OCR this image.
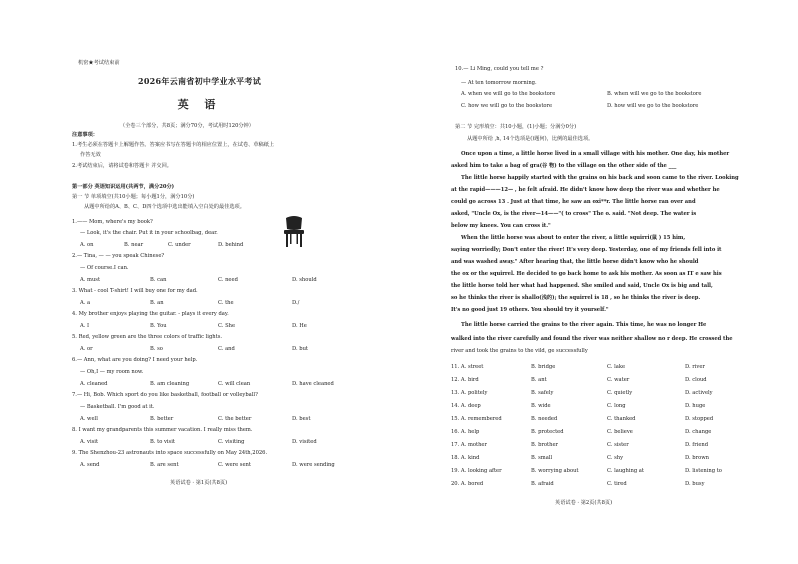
机密★考试结束前
2026年云南省初中学业水平考试
英 语
（全卷三个部分，共8页；满分70分，考试用时120分钟）
注意事项：
1.考生必须在答题卡上解题作答。答案应书写在答题卡的相应位置上，在试卷、草稿纸上
作答无效
2.考试结束后，请将试卷和答题卡 并交回。
第一部分 英语知识运用(共两节，满分20分)
第一 节 单项填空(共10小题；每小题1分，满分10分)
从题中所给的A、B、C、D四个选项中选出能填入空白处的最佳选项。
1.—— Mom, where's my book?
— Look, it's the chair. Put it in your schoolbag, dear.
A. on	B. near	C. under	D. behind
2.— Tina, — — you speak Chinese?
— Of course.I can.
A. must	B. can	C. need	D. should
3. What - cool T-shirt! I will buy one for my dad.
A. a	B. an	C. the	D./
4. My brother enjoys playing the guitar. - plays it every day.
A. I	B. You	C. She	D. He
5. Red, yellow green are the three colors of traffic lights.
A. or	B. so	C. and	D. but
6.— Ann, what are you doing? I need your help.
— Oh,I — my room now.
A. cleaned	B. am cleaning	C. will clean	D. have cleaned
7.— Hi, Bob. Which sport do you like basketball, football or volleyball?
— Basketball. I'm good at it.
A. well	B. better	C. the better	D. best
8. I want my grandparents this summer vacation. I really miss them.
A. visit	B. to visit	C. visiting	D. visited
9. The Shenzhou-23 astronauts into space successfully on May 24th,2026.
A. send	B. are sent	C. were sent	D. were sending
英语试卷 · 第1页(共8页)
10.— Li Ming, could you tell me ?
— At ten tomorrow morning.
A. when we will go to the bookstore	B. when will we go to the bookstore
C. how we will go to the bookstore	D. how will we go to the bookstore
第二 节 完形填空：共10小题，(1)小题；分满分0分)
从题中所给 ,h, 14个选项是()题何)，比例的最佳选项。
Once upon a time, a little horse lived in a small village with his mother. One day, his mother
asked him to take a bag of gra(谷 物) to the village on the other side of the ___
The little horse happily started with the grains on his back and soon came to the river. Looking
at the rapid———12— , he felt afraid. He didn't know how deep the river was and whether he
could go across 13 . Just at that time, he saw an oxi**r. The little horse ran over and
asked, "Uncle Ox, is the river—14——"( to cross" The o. said. "Not deep. The water is
below my knees. You can cross it."
When the little horse was about to enter the river, a little squirri(鼠 ) 15 him,
saying worriedly; Don't enter the river! It's very deep. Yesterday, one of my friends fell into it
and was washed away." After hearing that, the little horse didn't know who he should
the ox or the squirrel. He decided to go back home to ask his mother. As soon as IT e saw his
the little horse told her what had happened. She smiled and said, Uncle Ox is big and tall,
so he thinks the river is shallo(浅的); the squirrel is 18 , so he thinks the river is deep.
It's no good just 19 others. You should try it yourself."
The little horse carried the grains to the river again. This time, he was no longer He
walked into the river carefully and found the river was neither shallow no r deep. He crossed the
river and took the grains to the vild, ge successfully
11. A. street	B. bridge	C. lake	D. river
12. A. bird	B. ant	C. water	D. cloud
13. A. politely	B. safely	C. quietly	D. actively
14. A. deep	B. wide	C. long	D. huge
15. A. remembered	B. needed	C. thanked	D. stopped
16. A. help	B. protected	C. believe	D. change
17. A. mother	B. brother	C. sister	D. friend
18. A. kind	B. small	C. shy	D. brown
19. A. looking after	B. worrying about	C. laughing at	D. listening to
20. A. bored	B. afraid	C. tired	D. busy
英语试卷 · 第2页(共8页)
